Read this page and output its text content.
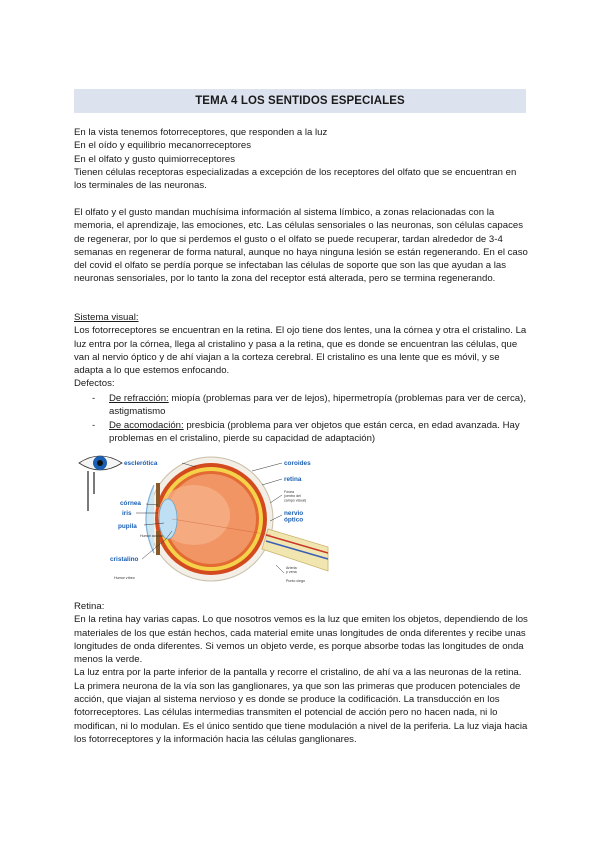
TEMA 4 LOS SENTIDOS ESPECIALES

En la vista tenemos fotorreceptores, que responden a la luz

En el oído y equilibrio mecanorreceptores

En el olfato y gusto quimiorreceptores

Tienen células receptoras especializadas a excepción de los receptores del olfato que se encuentran en los terminales de las neuronas.

El olfato y el gusto mandan muchísima información al sistema límbico, a zonas relacionadas con la memoria, el aprendizaje, las emociones, etc. Las células sensoriales o las neuronas, son células capaces de regenerar, por lo que si perdemos el gusto o el olfato se puede recuperar, tardan alrededor de 3-4 semanas en regenerar de forma natural, aunque no haya ninguna lesión se están regenerando. En el caso del covid el olfato se perdía porque se infectaban las células de soporte que son las que ayudan a las neuronas sensoriales, por lo tanto la zona del receptor está alterada, pero se termina regenerando.

Sistema visual:

Los fotorreceptores se encuentran en la retina. El ojo tiene dos lentes, una la córnea y otra el cristalino. La luz entra por la córnea, llega al cristalino y pasa a la retina, que es donde se encuentran las células, que van al nervio óptico y de ahí viajan a la corteza cerebral. El cristalino es una lente que es móvil, y se adapta a lo que estemos enfocando.

Defectos:

-	De refracción: miopía (problemas para ver de lejos), hipermetropía (problemas para ver de cerca), astigmatismo
-	De acomodación: presbicia (problema para ver objetos que están cerca, en edad avanzada. Hay problemas en el cristalino, pierde su capacidad de adaptación)
esclerótica
córnea
iris
pupila
Humor acuoso
cristalino
Humor vítreo
coroides
retina
Fóvea (centro del campo visual)
nervio óptico
Arteria y vena
Punto ciego

Retina:

En la retina hay varias capas. Lo que nosotros vemos es la luz que emiten los objetos, dependiendo de los materiales de los que están hechos, cada material emite unas longitudes de onda diferentes y recibe unas longitudes de onda diferentes. Si vemos un objeto verde, es porque absorbe todas las longitudes de onda menos la verde.

La luz entra por la parte inferior de la pantalla y recorre el cristalino, de ahí va a las neuronas de la retina. La primera neurona de la vía son las ganglionares, ya que son las primeras que producen potenciales de acción, que viajan al sistema nervioso y es donde se produce la codificación. La transducción en los fotorreceptores. Las células intermedias transmiten el potencial de acción pero no hacen nada, ni lo modifican, ni lo modulan. Es el único sentido que tiene modulación a nivel de la periferia. La luz viaja hacia los fotorreceptores y la información hacia las células ganglionares.
